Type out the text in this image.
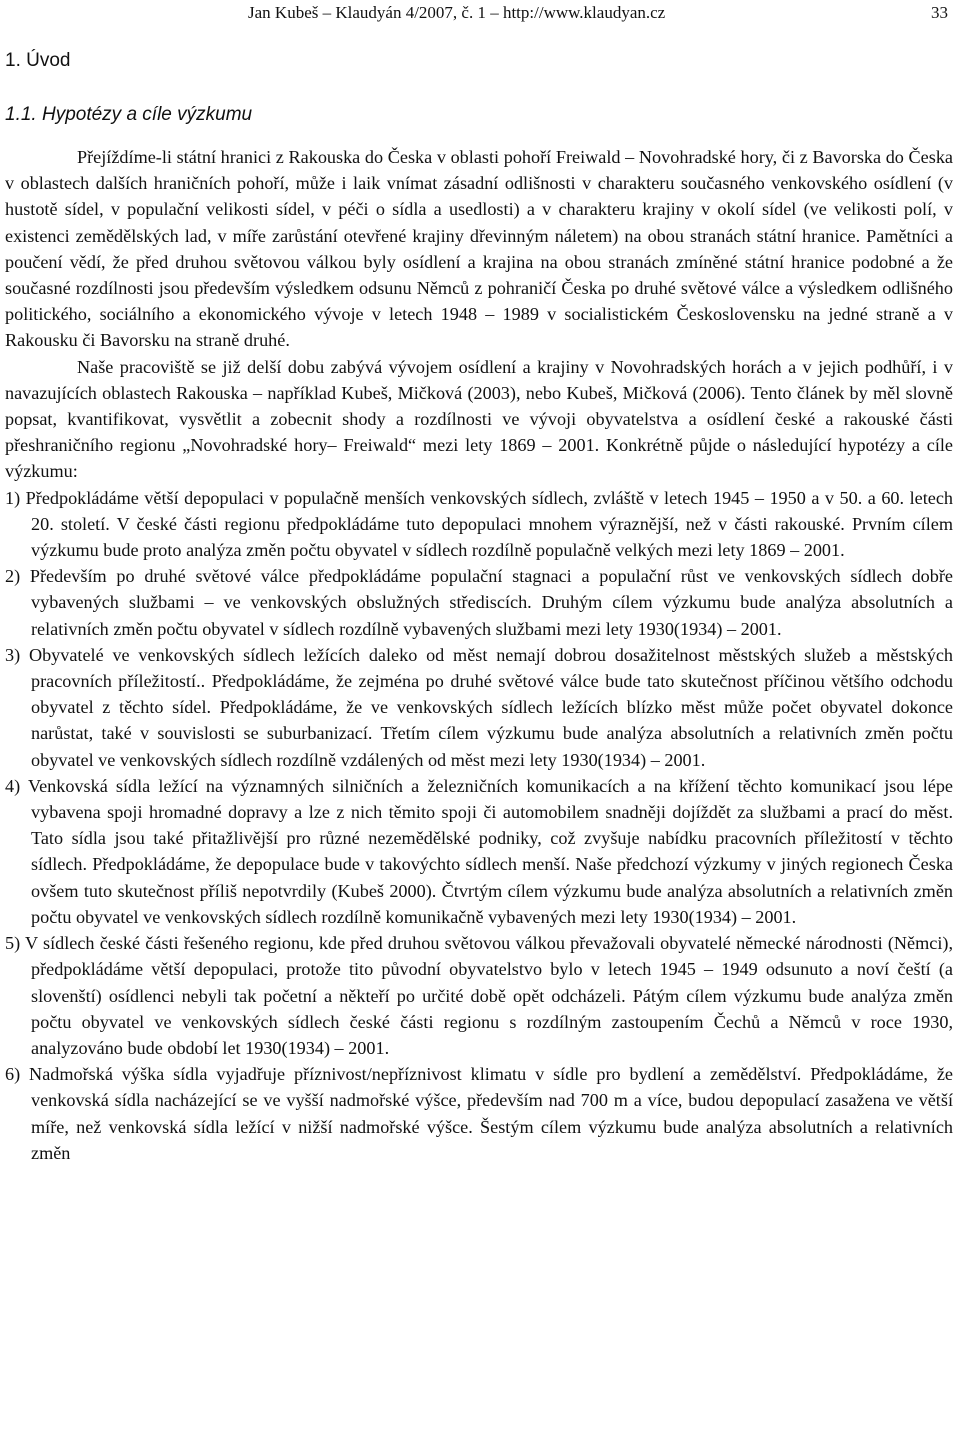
Jan Kubeš – Klaudyán 4/2007, č. 1 – http://www.klaudyan.cz	33
1. Úvod
1.1. Hypotézy a cíle výzkumu

Přejíždíme-li státní hranici z Rakouska do Česka v oblasti pohoří Freiwald – Novohradské hory, či z Bavorska do Česka v oblastech dalších hraničních pohoří, může i laik vnímat zásadní odlišnosti v charakteru současného venkovského osídlení (v hustotě sídel, v populační velikosti sídel, v péči o sídla a usedlosti) a v charakteru krajiny v okolí sídel (ve velikosti polí, v existenci zemědělských lad, v míře zarůstání otevřené krajiny dřevinným náletem) na obou stranách státní hranice. Pamětníci a poučení vědí, že před druhou světovou válkou byly osídlení a krajina na obou stranách zmíněné státní hranice podobné a že současné rozdílnosti jsou především výsledkem odsunu Němců z pohraničí Česka po druhé světové válce a výsledkem odlišného politického, sociálního a ekonomického vývoje v letech 1948 – 1989 v socialistickém Československu na jedné straně a v Rakousku či Bavorsku na straně druhé.

Naše pracoviště se již delší dobu zabývá vývojem osídlení a krajiny v Novohradských horách a v jejich podhůří, i v navazujících oblastech Rakouska – například Kubeš, Mičková (2003), nebo Kubeš, Mičková (2006). Tento článek by měl slovně popsat, kvantifikovat, vysvětlit a zobecnit shody a rozdílnosti ve vývoji obyvatelstva a osídlení české a rakouské části přeshraničního regionu „Novohradské hory– Freiwald“ mezi lety 1869 – 2001. Konkrétně půjde o následující hypotézy a cíle výzkumu:

1) Předpokládáme větší depopulaci v populačně menších venkovských sídlech, zvláště v letech 1945 – 1950 a v 50. a 60. letech 20. století. V české části regionu předpokládáme tuto depopulaci mnohem výraznější, než v části rakouské. Prvním cílem výzkumu bude proto analýza změn počtu obyvatel v sídlech rozdílně populačně velkých mezi lety 1869 – 2001.

2) Především po druhé světové válce předpokládáme populační stagnaci a populační růst ve venkovských sídlech dobře vybavených službami – ve venkovských obslužných střediscích. Druhým cílem výzkumu bude analýza absolutních a relativních změn počtu obyvatel v sídlech rozdílně vybavených službami mezi lety 1930(1934) – 2001.

3) Obyvatelé ve venkovských sídlech ležících daleko od měst nemají dobrou dosažitelnost městských služeb a městských pracovních příležitostí.. Předpokládáme, že zejména po druhé světové válce bude tato skutečnost příčinou většího odchodu obyvatel z těchto sídel. Předpokládáme, že ve venkovských sídlech ležících blízko měst může počet obyvatel dokonce narůstat, také v souvislosti se suburbanizací. Třetím cílem výzkumu bude analýza absolutních a relativních změn počtu obyvatel ve venkovských sídlech rozdílně vzdálených od měst mezi lety 1930(1934) – 2001.

4) Venkovská sídla ležící na významných silničních a železničních komunikacích a na křížení těchto komunikací jsou lépe vybavena spoji hromadné dopravy a lze z nich těmito spoji či automobilem snadněji dojíždět za službami a prací do měst. Tato sídla jsou také přitažlivější pro různé nezemědělské podniky, což zvyšuje nabídku pracovních příležitostí v těchto sídlech. Předpokládáme, že depopulace bude v takovýchto sídlech menší. Naše předchozí výzkumy v jiných regionech Česka ovšem tuto skutečnost příliš nepotvrdily (Kubeš 2000). Čtvrtým cílem výzkumu bude analýza absolutních a relativních změn počtu obyvatel ve venkovských sídlech rozdílně komunikačně vybavených mezi lety 1930(1934) – 2001.

5) V sídlech české části řešeného regionu, kde před druhou světovou válkou převažovali obyvatelé německé národnosti (Němci), předpokládáme větší depopulaci, protože tito původní obyvatelstvo bylo v letech 1945 – 1949 odsunuto a noví čeští (a slovenští) osídlenci nebyli tak početní a někteří po určité době opět odcházeli. Pátým cílem výzkumu bude analýza změn počtu obyvatel ve venkovských sídlech české části regionu s rozdílným zastoupením Čechů a Němců v roce 1930, analyzováno bude období let 1930(1934) – 2001.

6) Nadmořská výška sídla vyjadřuje příznivost/nepříznivost klimatu v sídle pro bydlení a zemědělství. Předpokládáme, že venkovská sídla nacházející se ve vyšší nadmořské výšce, především nad 700 m a více, budou depopulací zasažena ve větší míře, než venkovská sídla ležící v nižší nadmořské výšce. Šestým cílem výzkumu bude analýza absolutních a relativních změn
